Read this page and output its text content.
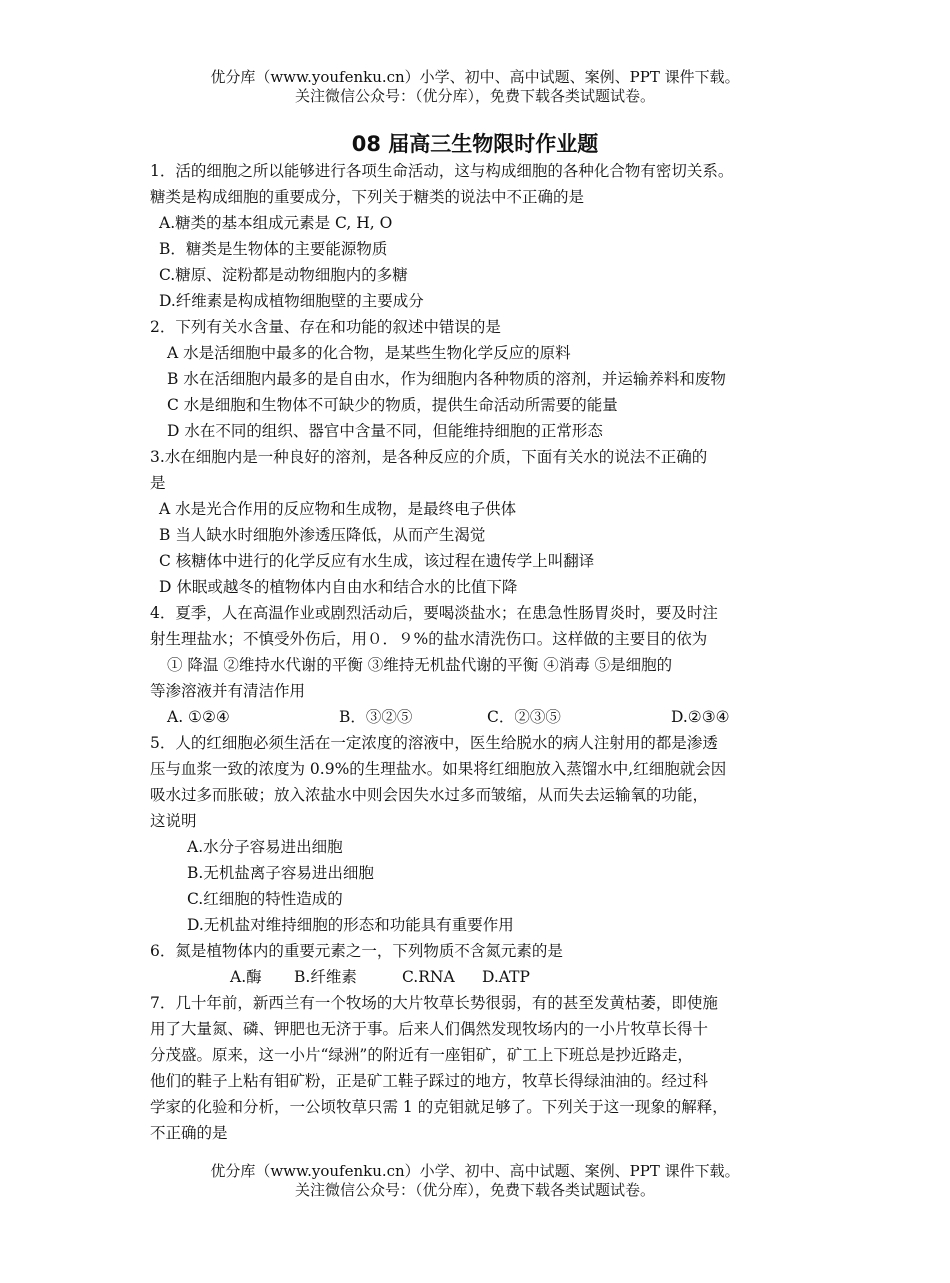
优分库（www.youfenku.cn）小学、初中、高中试题、案例、PPT 课件下载。
关注微信公众号：（优分库），免费下载各类试题试卷。
08 届高三生物限时作业题
1．活的细胞之所以能够进行各项生命活动，这与构成细胞的各种化合物有密切关系。
糖类是构成细胞的重要成分，下列关于糖类的说法中不正确的是
A.糖类的基本组成元素是 C, H, O
B．糖类是生物体的主要能源物质
C.糖原、淀粉都是动物细胞内的多糖
D.纤维素是构成植物细胞壁的主要成分
2．下列有关水含量、存在和功能的叙述中错误的是
A 水是活细胞中最多的化合物，是某些生物化学反应的原料
B 水在活细胞内最多的是自由水，作为细胞内各种物质的溶剂，并运输养料和废物
C 水是细胞和生物体不可缺少的物质，提供生命活动所需要的能量
D 水在不同的组织、器官中含量不同，但能维持细胞的正常形态
3.水在细胞内是一种良好的溶剂，是各种反应的介质，下面有关水的说法不正确的
是
A 水是光合作用的反应物和生成物，是最终电子供体
B 当人缺水时细胞外渗透压降低，从而产生渴觉
C 核糖体中进行的化学反应有水生成，该过程在遗传学上叫翻译
D 休眠或越冬的植物体内自由水和结合水的比值下降
4．夏季，人在高温作业或剧烈活动后，要喝淡盐水；在患急性肠胃炎时，要及时注
射生理盐水；不慎受外伤后，用０．９%的盐水清洗伤口。这样做的主要目的依为
① 降温 ②维持水代谢的平衡 ③维持无机盐代谢的平衡 ④消毒 ⑤是细胞的
等渗溶液并有清洁作用
A. ①②④	B．③②⑤	C．②③⑤	D.②③④
5．人的红细胞必须生活在一定浓度的溶液中，医生给脱水的病人注射用的都是渗透
压与血浆一致的浓度为 0.9%的生理盐水。如果将红细胞放入蒸馏水中,红细胞就会因
吸水过多而胀破；放入浓盐水中则会因失水过多而皱缩，从而失去运输氧的功能，
这说明
A.水分子容易进出细胞
B.无机盐离子容易进出细胞
C.红细胞的特性造成的
D.无机盐对维持细胞的形态和功能具有重要作用
6．氮是植物体内的重要元素之一，下列物质不含氮元素的是
A.酶	B.纤维素	C.RNA	D.ATP
7．几十年前，新西兰有一个牧场的大片牧草长势很弱，有的甚至发黄枯萎，即使施
用了大量氮、磷、钾肥也无济于事。后来人们偶然发现牧场内的一小片牧草长得十
分茂盛。原来，这一小片“绿洲”的附近有一座钼矿，矿工上下班总是抄近路走，
他们的鞋子上粘有钼矿粉，正是矿工鞋子踩过的地方，牧草长得绿油油的。经过科
学家的化验和分析，一公顷牧草只需 1 的克钼就足够了。下列关于这一现象的解释，
不正确的是
优分库（www.youfenku.cn）小学、初中、高中试题、案例、PPT 课件下载。
关注微信公众号：（优分库），免费下载各类试题试卷。
